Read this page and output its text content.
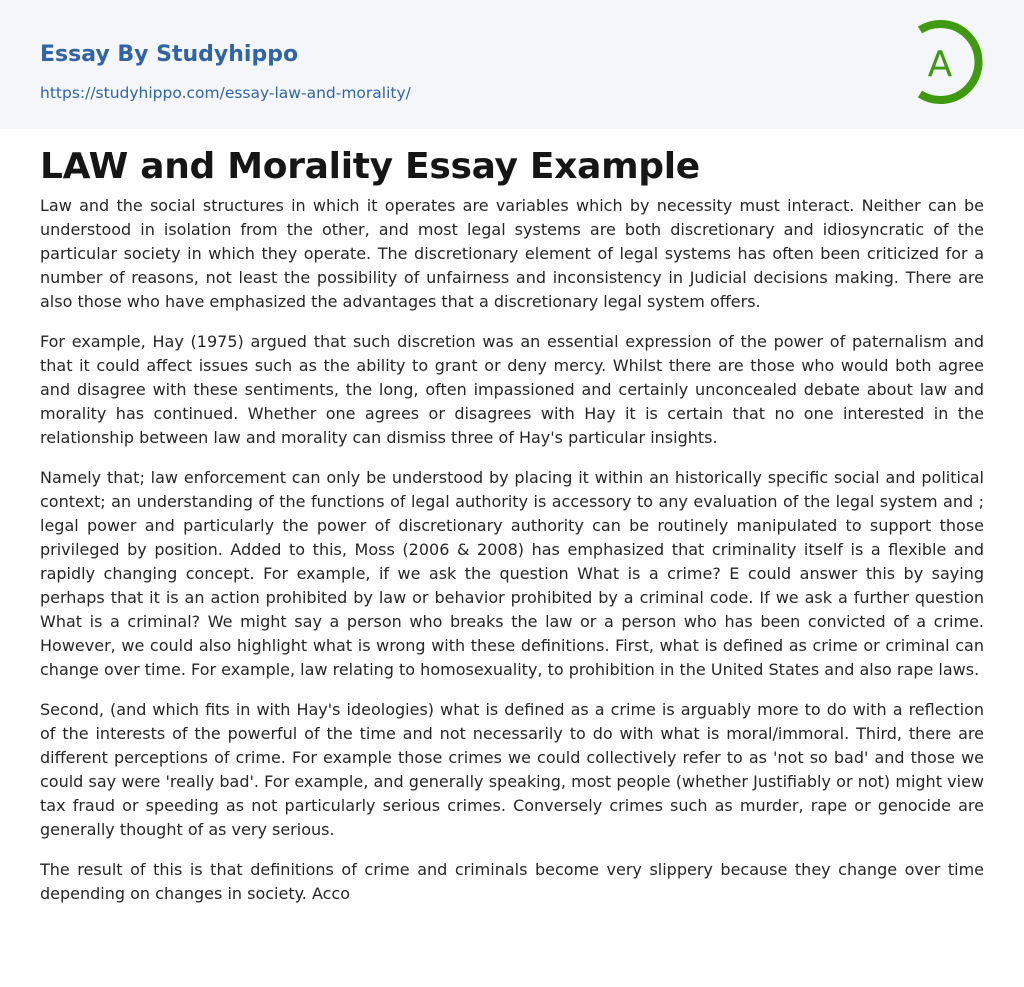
Essay By Studyhippo
https://studyhippo.com/essay-law-and-morality/
A
LAW and Morality Essay Example

Law and the social structures in which it operates are variables which by necessity must interact. Neither can be understood in isolation from the other, and most legal systems are both discretionary and idiosyncratic of the particular society in which they operate. The discretionary element of legal systems has often been criticized for a number of reasons, not least the possibility of unfairness and inconsistency in Judicial decisions making. There are also those who have emphasized the advantages that a discretionary legal system offers.

For example, Hay (1975) argued that such discretion was an essential expression of the power of paternalism and that it could affect issues such as the ability to grant or deny mercy. Whilst there are those who would both agree and disagree with these sentiments, the long, often impassioned and certainly unconcealed debate about law and morality has continued. Whether one agrees or disagrees with Hay it is certain that no one interested in the relationship between law and morality can dismiss three of Hay's particular insights.

Namely that; law enforcement can only be understood by placing it within an historically specific social and political context; an understanding of the functions of legal authority is accessory to any evaluation of the legal system and ; legal power and particularly the power of discretionary authority can be routinely manipulated to support those privileged by position. Added to this, Moss (2006 & 2008) has emphasized that criminality itself is a flexible and rapidly changing concept. For example, if we ask the question What is a crime? E could answer this by saying perhaps that it is an action prohibited by law or behavior prohibited by a criminal code. If we ask a further question What is a criminal? We might say a person who breaks the law or a person who has been convicted of a crime. However, we could also highlight what is wrong with these definitions. First, what is defined as crime or criminal can change over time. For example, law relating to homosexuality, to prohibition in the United States and also rape laws.

Second, (and which fits in with Hay's ideologies) what is defined as a crime is arguably more to do with a reflection of the interests of the powerful of the time and not necessarily to do with what is moral/immoral. Third, there are different perceptions of crime. For example those crimes we could collectively refer to as 'not so bad' and those we could say were 'really bad'. For example, and generally speaking, most people (whether Justifiably or not) might view tax fraud or speeding as not particularly serious crimes. Conversely crimes such as murder, rape or genocide are generally thought of as very serious.

The result of this is that definitions of crime and criminals become very slippery because they change over time depending on changes in society. Acco
